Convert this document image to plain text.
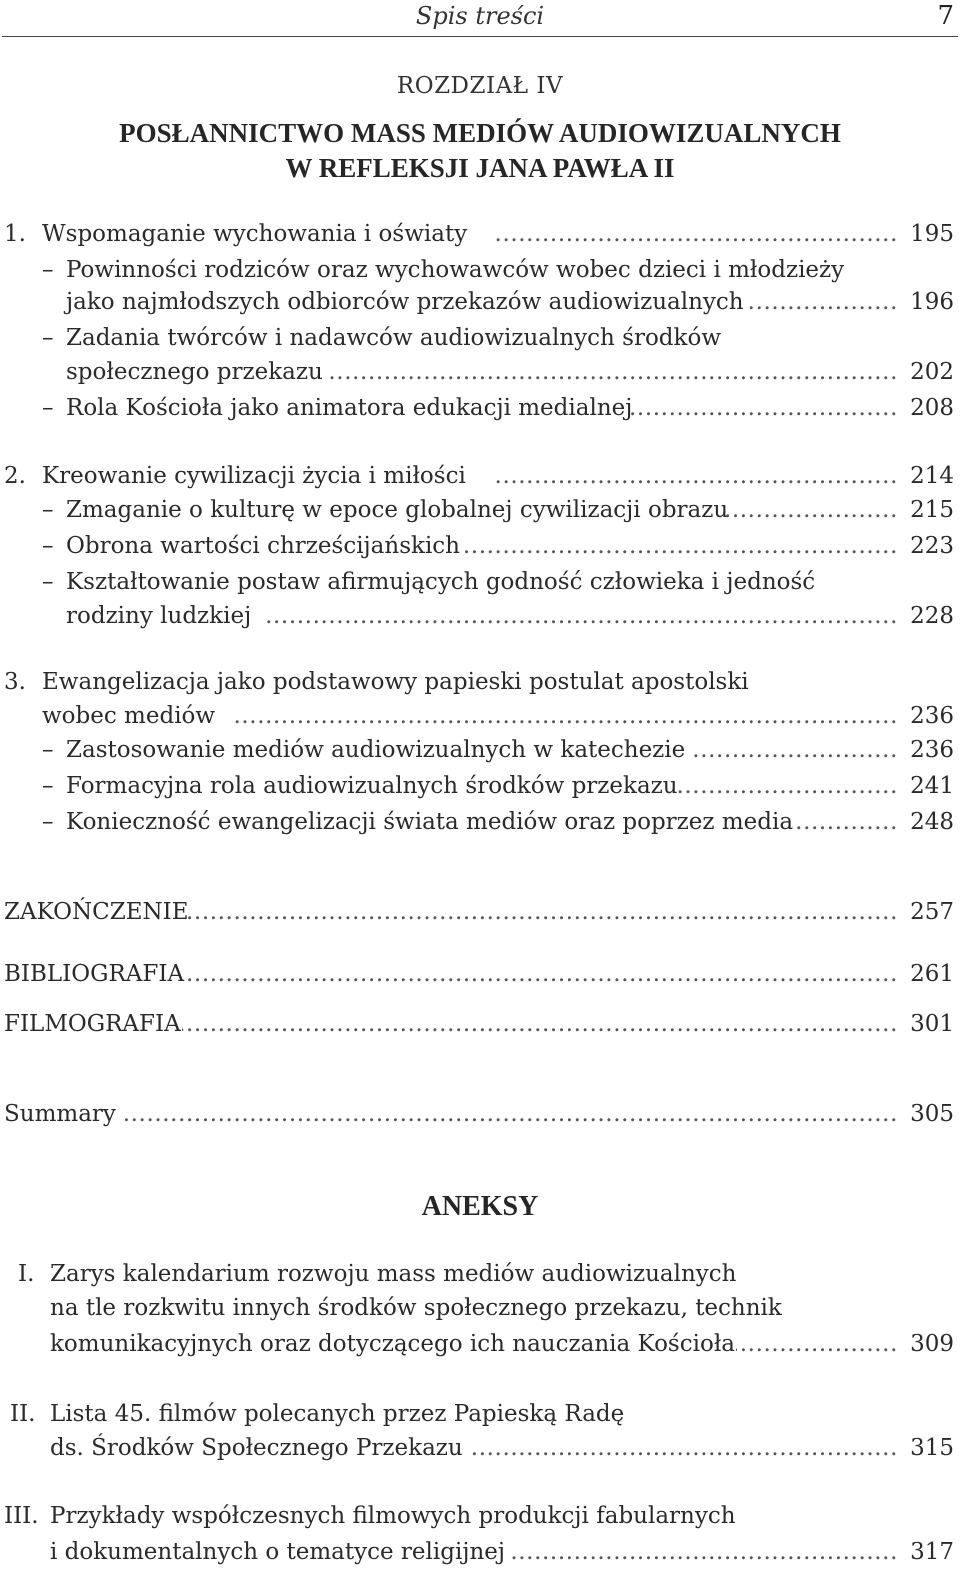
Spis treści	7
ROZDZIAŁ IV
POSŁANNICTWO MASS MEDIÓW AUDIOWIZUALNYCH
W REFLEKSJI JANA PAWŁA II
1. Wspomaganie wychowania i oświaty .....	195
– Powinności rodziców oraz wychowawców wobec dzieci i młodzieży
jako najmłodszych odbiorców przekazów audiowizualnych .....	196
– Zadania twórców i nadawców audiowizualnych środków
społecznego przekazu .....	202
– Rola Kościoła jako animatora edukacji medialnej .....	208
2. Kreowanie cywilizacji życia i miłości .....	214
– Zmaganie o kulturę w epoce globalnej cywilizacji obrazu .....	215
– Obrona wartości chrześcijańskich .....	223
– Kształtowanie postaw afirmujących godność człowieka i jedność
rodziny ludzkiej .....	228
3. Ewangelizacja jako podstawowy papieski postulat apostolski
wobec mediów .....	236
– Zastosowanie mediów audiowizualnych w katechezie .....	236
– Formacyjna rola audiowizualnych środków przekazu .....	241
– Konieczność ewangelizacji świata mediów oraz poprzez media .....	248
ZAKOŃCZENIE .....	257
BIBLIOGRAFIA .....	261
FILMOGRAFIA .....	301
Summary .....	305
ANEKSY
I. Zarys kalendarium rozwoju mass mediów audiowizualnych
na tle rozkwitu innych środków społecznego przekazu, technik
komunikacyjnych oraz dotyczącego ich nauczania Kościoła .....	309
II. Lista 45. filmów polecanych przez Papieską Radę
ds. Środków Społecznego Przekazu .....	315
III. Przykłady współczesnych filmowych produkcji fabularnych
i dokumentalnych o tematyce religijnej .....	317
